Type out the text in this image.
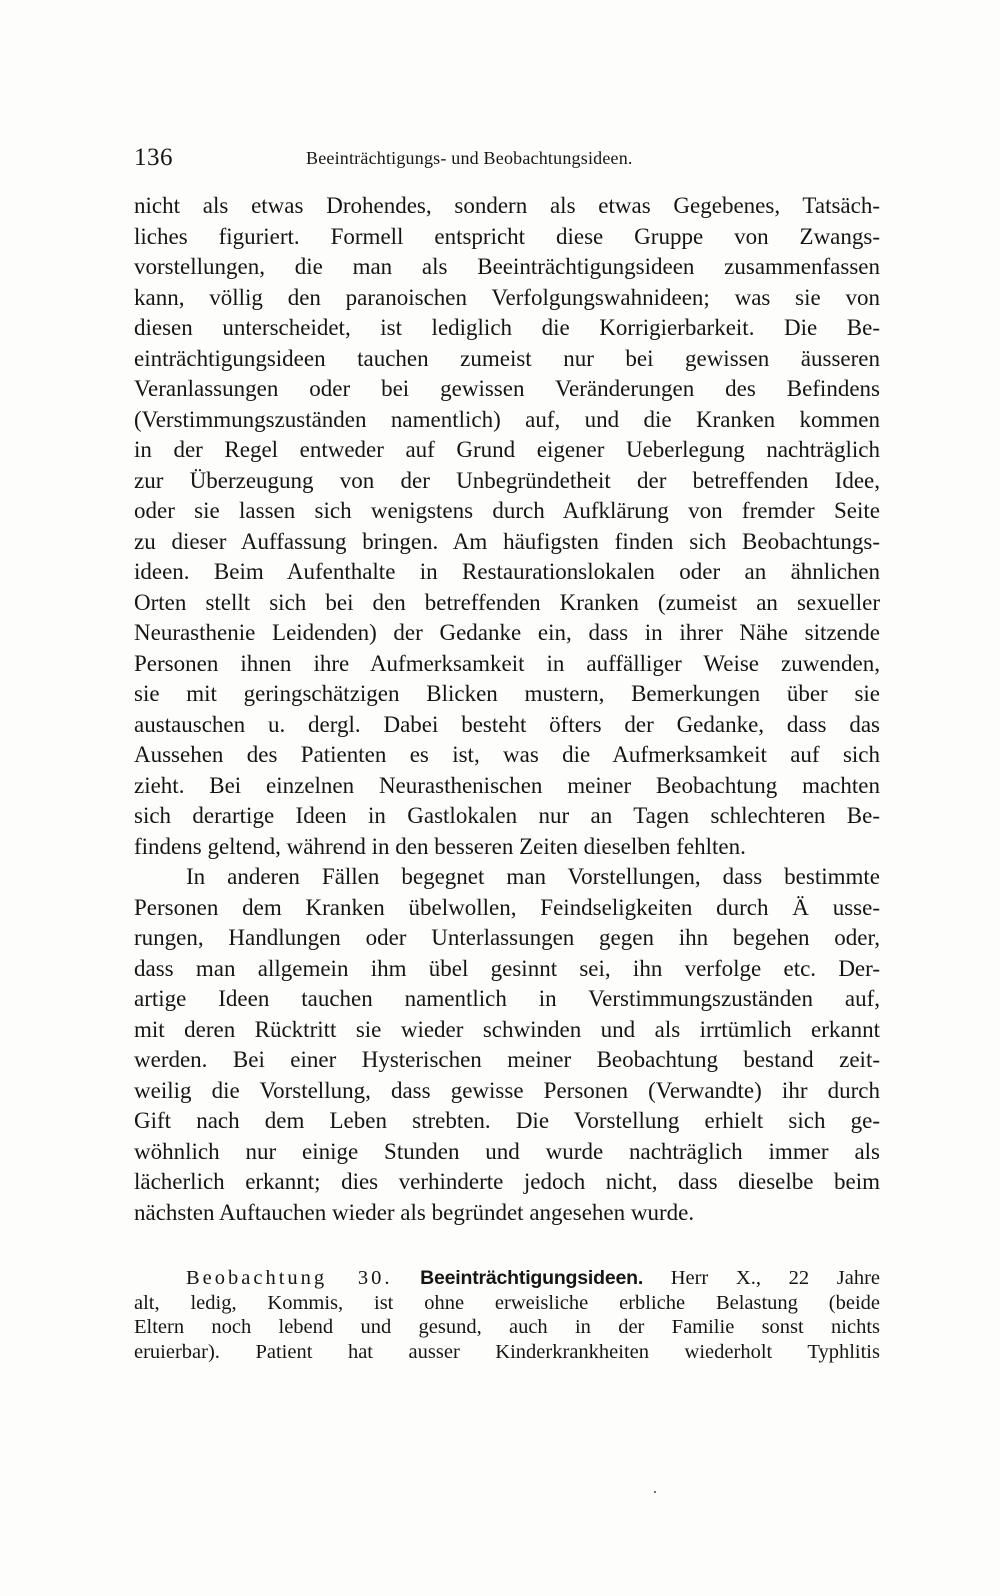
136	Beeinträchtigungs- und Beobachtungsideen.
nicht als etwas Drohendes, sondern als etwas Gegebenes, Tatsäch-
liches figuriert. Formell entspricht diese Gruppe von Zwangs-
vorstellungen, die man als Beeinträchtigungsideen zusammenfassen
kann, völlig den paranoischen Verfolgungswahnideen; was sie von
diesen unterscheidet, ist lediglich die Korrigierbarkeit. Die Be-
einträchtigungsideen tauchen zumeist nur bei gewissen äusseren
Veranlassungen oder bei gewissen Veränderungen des Befindens
(Verstimmungszuständen namentlich) auf, und die Kranken kommen
in der Regel entweder auf Grund eigener Ueberlegung nachträglich
zur Überzeugung von der Unbegründetheit der betreffenden Idee,
oder sie lassen sich wenigstens durch Aufklärung von fremder Seite
zu dieser Auffassung bringen. Am häufigsten finden sich Beobachtungs-
ideen. Beim Aufenthalte in Restaurationslokalen oder an ähnlichen
Orten stellt sich bei den betreffenden Kranken (zumeist an sexueller
Neurasthenie Leidenden) der Gedanke ein, dass in ihrer Nähe sitzende
Personen ihnen ihre Aufmerksamkeit in auffälliger Weise zuwenden,
sie mit geringschätzigen Blicken mustern, Bemerkungen über sie
austauschen u. dergl. Dabei besteht öfters der Gedanke, dass das
Aussehen des Patienten es ist, was die Aufmerksamkeit auf sich
zieht. Bei einzelnen Neurasthenischen meiner Beobachtung machten
sich derartige Ideen in Gastlokalen nur an Tagen schlechteren Be-
findens geltend, während in den besseren Zeiten dieselben fehlten.
In anderen Fällen begegnet man Vorstellungen, dass bestimmte
Personen dem Kranken übelwollen, Feindseligkeiten durch Ä usse-
rungen, Handlungen oder Unterlassungen gegen ihn begehen oder,
dass man allgemein ihm übel gesinnt sei, ihn verfolge etc. Der-
artige Ideen tauchen namentlich in Verstimmungszuständen auf,
mit deren Rücktritt sie wieder schwinden und als irrtümlich erkannt
werden. Bei einer Hysterischen meiner Beobachtung bestand zeit-
weilig die Vorstellung, dass gewisse Personen (Verwandte) ihr durch
Gift nach dem Leben strebten. Die Vorstellung erhielt sich ge-
wöhnlich nur einige Stunden und wurde nachträglich immer als
lächerlich erkannt; dies verhinderte jedoch nicht, dass dieselbe beim
nächsten Auftauchen wieder als begründet angesehen wurde.
Beobachtung 30. Beeinträchtigungsideen. Herr X., 22 Jahre
alt, ledig, Kommis, ist ohne erweisliche erbliche Belastung (beide
Eltern noch lebend und gesund, auch in der Familie sonst nichts
eruierbar). Patient hat ausser Kinderkrankheiten wiederholt Typhlitis
